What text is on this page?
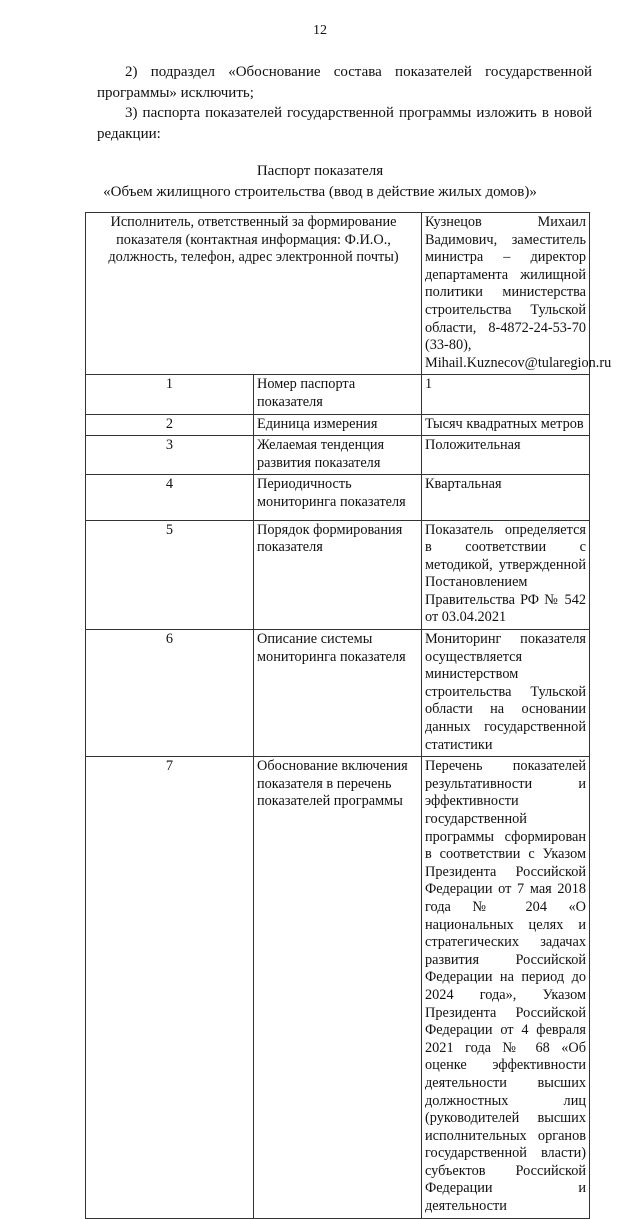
12
2) подраздел «Обоснование состава показателей государственной программы» исключить;
3) паспорта показателей государственной программы изложить в новой редакции:
Паспорт показателя
«Объем жилищного строительства (ввод в действие жилых домов)»
Исполнитель, ответственный за формирование показателя (контактная информация: Ф.И.О., должность, телефон, адрес электронной почты)		Кузнецов Михаил Вадимович, заместитель министра – директор департамента жилищной политики министерства строительства Тульской области, 8-4872-24-53-70 (33-80), Mihail.Kuznecov@tularegion.ru
1	Номер паспорта показателя	1
2	Единица измерения	Тысяч квадратных метров
3	Желаемая тенденция развития показателя	Положительная
4	Периодичность мониторинга показателя	Квартальная
5	Порядок формирования показателя	Показатель определяется в соответствии с методикой, утвержденной Постановлением Правительства РФ № 542 от 03.04.2021
6	Описание системы мониторинга показателя	Мониторинг показателя осуществляется министерством строительства Тульской области на основании данных государственной статистики
7	Обоснование включения показателя в перечень показателей программы	Перечень показателей результативности и эффективности государственной программы сформирован в соответствии с Указом Президента Российской Федерации от 7 мая 2018 года № 204 «О национальных целях и стратегических задачах развития Российской Федерации на период до 2024 года», Указом Президента Российской Федерации от 4 февраля 2021 года № 68 «Об оценке эффективности деятельности высших должностных лиц (руководителей высших исполнительных органов государственной власти) субъектов Российской Федерации и деятельности
